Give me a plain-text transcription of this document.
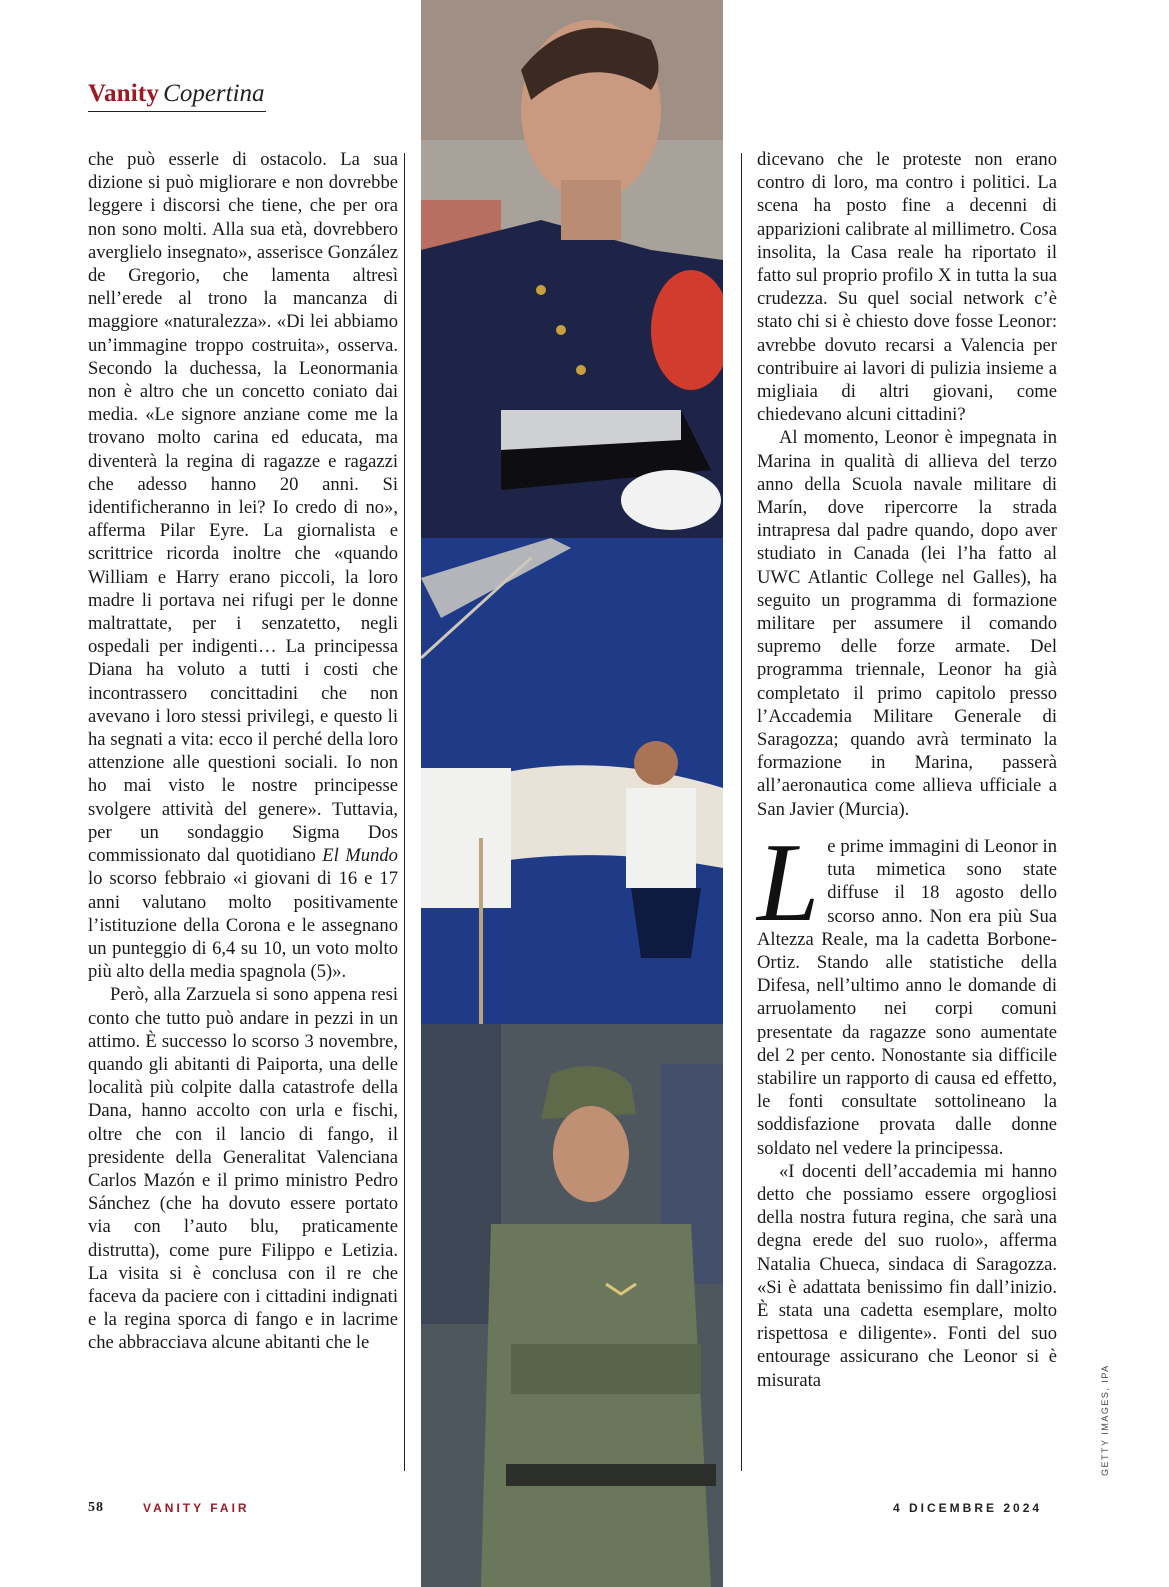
Vanity Copertina

che può esserle di ostacolo. La sua dizione si può migliorare e non dovrebbe leggere i discorsi che tiene, che per ora non sono molti. Alla sua età, dovrebbero averglielo insegnato», asserisce González de Gregorio, che lamenta altresì nell’erede al trono la mancanza di maggiore «naturalezza». «Di lei abbiamo un’immagine troppo costruita», osserva. Secondo la duchessa, la Leonormania non è altro che un concetto coniato dai media. «Le signore anziane come me la trovano molto carina ed educata, ma diventerà la regina di ragazze e ragazzi che adesso hanno 20 anni. Si identificheranno in lei? Io credo di no», afferma Pilar Eyre. La giornalista e scrittrice ricorda inoltre che «quando William e Harry erano piccoli, la loro madre li portava nei rifugi per le donne maltrattate, per i senzatetto, negli ospedali per indigenti… La principessa Diana ha voluto a tutti i costi che incontrassero concittadini che non avevano i loro stessi privilegi, e questo li ha segnati a vita: ecco il perché della loro attenzione alle questioni sociali. Io non ho mai visto le nostre principesse svolgere attività del genere». Tuttavia, per un sondaggio Sigma Dos commissionato dal quotidiano El Mundo lo scorso febbraio «i giovani di 16 e 17 anni valutano molto positivamente l’istituzione della Corona e le assegnano un punteggio di 6,4 su 10, un voto molto più alto della media spagnola (5)».

Però, alla Zarzuela si sono appena resi conto che tutto può andare in pezzi in un attimo. È successo lo scorso 3 novembre, quando gli abitanti di Paiporta, una delle località più colpite dalla catastrofe della Dana, hanno accolto con urla e fischi, oltre che con il lancio di fango, il presidente della Generalitat Valenciana Carlos Mazón e il primo ministro Pedro Sánchez (che ha dovuto essere portato via con l’auto blu, praticamente distrutta), come pure Filippo e Letizia. La visita si è conclusa con il re che faceva da paciere con i cittadini indignati e la regina sporca di fango e in lacrime che abbracciava alcune abitanti che le

dicevano che le proteste non erano contro di loro, ma contro i politici. La scena ha posto fine a decenni di apparizioni calibrate al millimetro. Cosa insolita, la Casa reale ha riportato il fatto sul proprio profilo X in tutta la sua crudezza. Su quel social network c’è stato chi si è chiesto dove fosse Leonor: avrebbe dovuto recarsi a Valencia per contribuire ai lavori di pulizia insieme a migliaia di altri giovani, come chiedevano alcuni cittadini?

Al momento, Leonor è impegnata in Marina in qualità di allieva del terzo anno della Scuola navale militare di Marín, dove ripercorre la strada intrapresa dal padre quando, dopo aver studiato in Canada (lei l’ha fatto al UWC Atlantic College nel Galles), ha seguito un programma di formazione militare per assumere il comando supremo delle forze armate. Del programma triennale, Leonor ha già completato il primo capitolo presso l’Accademia Militare Generale di Saragozza; quando avrà terminato la formazione in Marina, passerà all’aeronautica come allieva ufficiale a San Javier (Murcia).

L e prime immagini di Leonor in tuta mimetica sono state diffuse il 18 agosto dello scorso anno. Non era più Sua Altezza Reale, ma la cadetta Borbone-Ortiz. Stando alle statistiche della Difesa, nell’ultimo anno le domande di arruolamento nei corpi comuni presentate da ragazze sono aumentate del 2 per cento. Nonostante sia difficile stabilire un rapporto di causa ed effetto, le fonti consultate sottolineano la soddisfazione provata dalle donne soldato nel vedere la principessa.

«I docenti dell’accademia mi hanno detto che possiamo essere orgogliosi della nostra futura regina, che sarà una degna erede del suo ruolo», afferma Natalia Chueca, sindaca di Saragozza. «Si è adattata benissimo fin dall’inizio. È stata una cadetta esemplare, molto rispettosa e diligente». Fonti del suo entourage assicurano che Leonor si è misurata	GETTY IMAGES, IPA
58	VANITY FAIR	4 DICEMBRE 2024
